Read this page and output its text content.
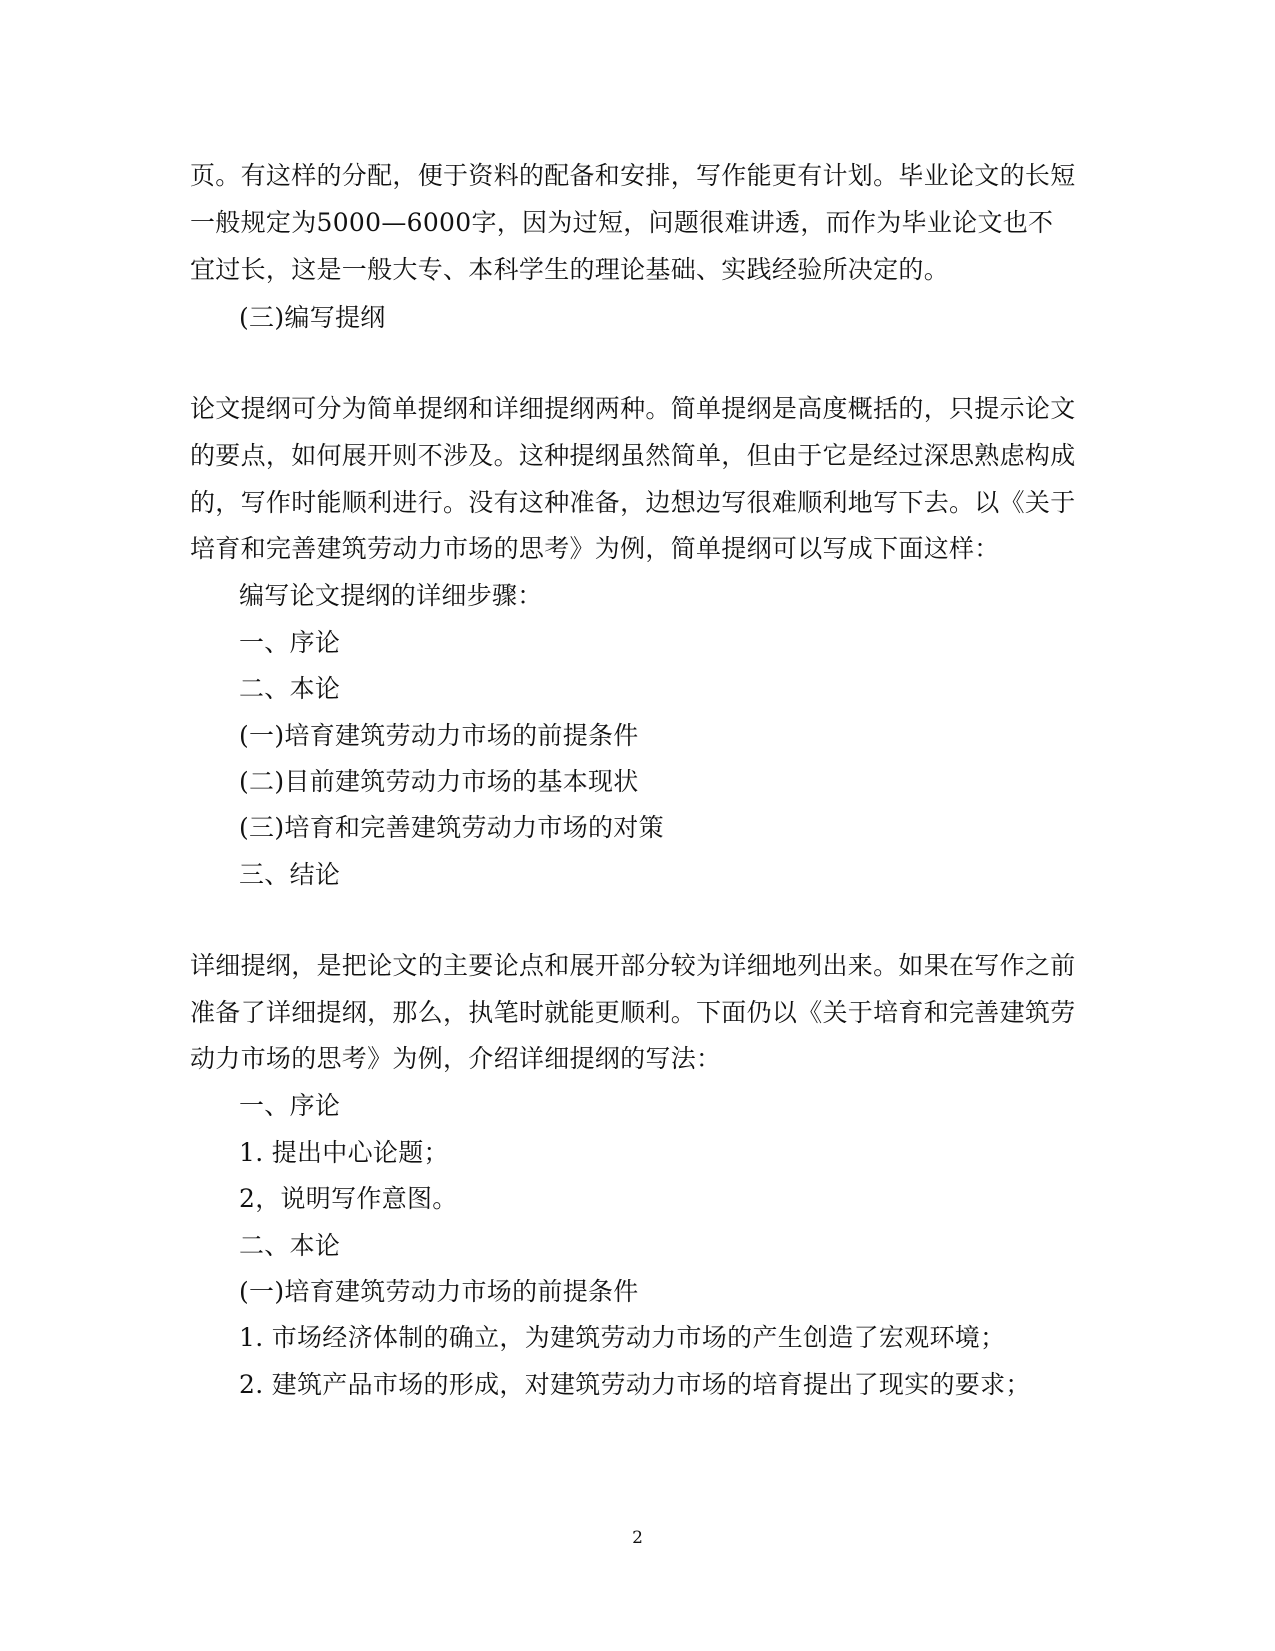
页。有这样的分配，便于资料的配备和安排，写作能更有计划。毕业论文的长短
一般规定为5000—6000字，因为过短，问题很难讲透，而作为毕业论文也不
宜过长，这是一般大专、本科学生的理论基础、实践经验所决定的。
(三)编写提纲
论文提纲可分为简单提纲和详细提纲两种。简单提纲是高度概括的，只提示论文
的要点，如何展开则不涉及。这种提纲虽然简单，但由于它是经过深思熟虑构成
的，写作时能顺利进行。没有这种准备，边想边写很难顺利地写下去。以《关于
培育和完善建筑劳动力市场的思考》为例，简单提纲可以写成下面这样：
编写论文提纲的详细步骤：
一、序论
二、本论
(一)培育建筑劳动力市场的前提条件
(二)目前建筑劳动力市场的基本现状
(三)培育和完善建筑劳动力市场的对策
三、结论
详细提纲，是把论文的主要论点和展开部分较为详细地列出来。如果在写作之前
准备了详细提纲，那么，执笔时就能更顺利。下面仍以《关于培育和完善建筑劳
动力市场的思考》为例，介绍详细提纲的写法：
一、序论
1. 提出中心论题；
2，说明写作意图。
二、本论
(一)培育建筑劳动力市场的前提条件
1. 市场经济体制的确立，为建筑劳动力市场的产生创造了宏观环境；
2. 建筑产品市场的形成，对建筑劳动力市场的培育提出了现实的要求；
2
